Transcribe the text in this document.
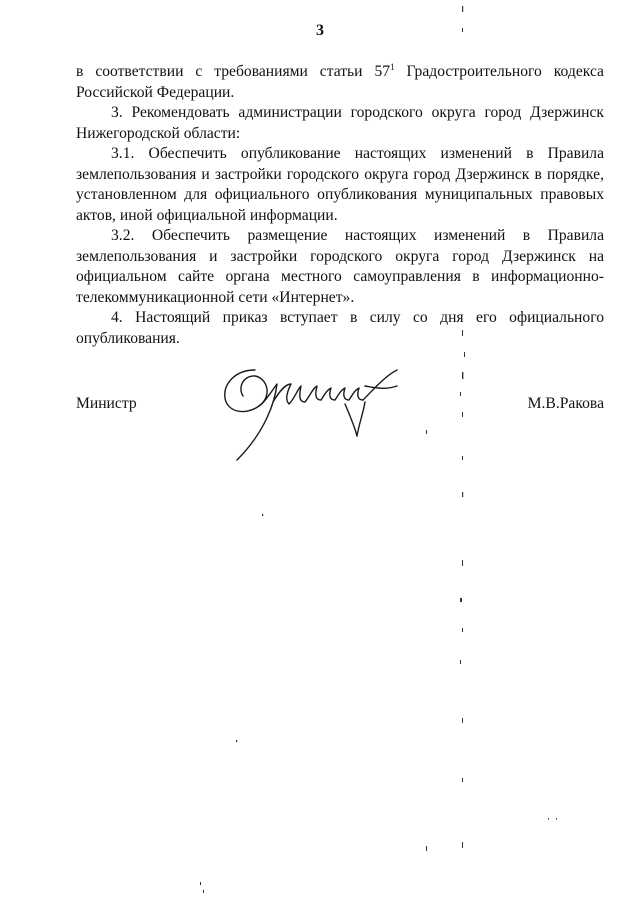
3

в соответствии с требованиями статьи $57^1$ Градостроительного кодекса Российской Федерации.

3. Рекомендовать администрации городского округа город Дзержинск Нижегородской области:

3.1. Обеспечить опубликование настоящих изменений в Правила землепользования и застройки городского округа город Дзержинск в порядке, установленном для официального опубликования муниципальных правовых актов, иной официальной информации.

3.2. Обеспечить размещение настоящих изменений в Правила землепользования и застройки городского округа город Дзержинск на официальном сайте органа местного самоуправления в информационно-телекоммуникационной сети «Интернет».

4. Настоящий приказ вступает в силу со дня его официального опубликования.

Министр	М.В.Ракова
